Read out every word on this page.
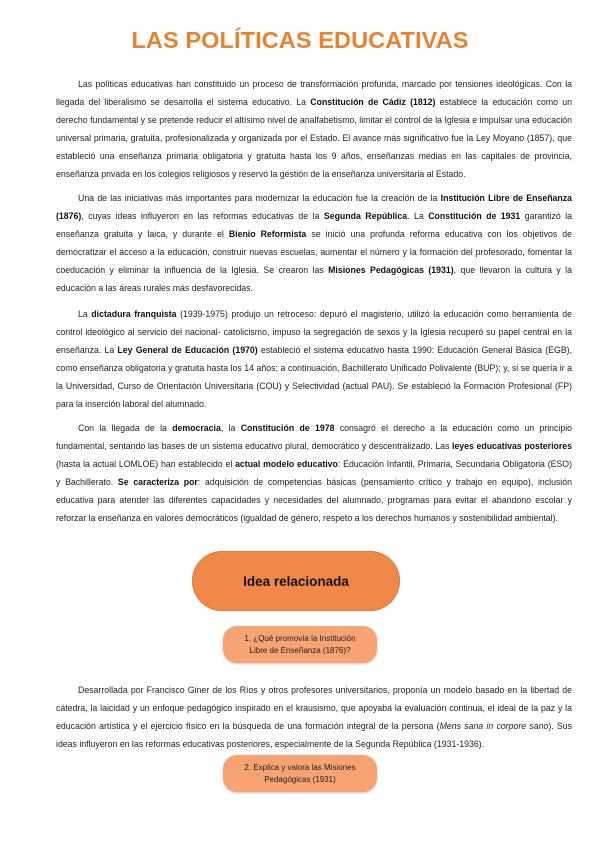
LAS POLÍTICAS EDUCATIVAS

Las políticas educativas han constituido un proceso de transformación profunda, marcado por tensiones ideológicas. Con la llegada del liberalismo se desarrolla el sistema educativo. La Constitución de Cádiz (1812) establece la educación como un derecho fundamental y se pretende reducir el altísimo nivel de analfabetismo, limitar el control de la Iglesia e impulsar una educación universal primaria, gratuita, profesionalizada y organizada por el Estado. El avance más significativo fue la Ley Moyano (1857), que estableció una enseñanza primaria obligatoria y gratuita hasta los 9 años, enseñanzas medias en las capitales de provincia, enseñanza privada en los colegios religiosos y reservó la gestión de la enseñanza universitaria al Estado.

Una de las iniciativas más importantes para modernizar la educación fue la creación de la Institución Libre de Enseñanza (1876), cuyas ideas influyeron en las reformas educativas de la Segunda República. La Constitución de 1931 garantizó la enseñanza gratuita y laica, y durante el Bienio Reformista se inició una profunda reforma educativa con los objetivos de democratizar el acceso a la educación, construir nuevas escuelas, aumentar el número y la formación del profesorado, fomentar la coeducación y eliminar la influencia de la Iglesia. Se crearon las Misiones Pedagógicas (1931), que llevaron la cultura y la educación a las áreas rurales más desfavorecidas.

La dictadura franquista (1939-1975) produjo un retroceso: depuró el magisterio, utilizó la educación como herramienta de control ideológico al servicio del nacional- catolicismo, impuso la segregación de sexos y la Iglesia recuperó su papel central en la enseñanza. La Ley General de Educación (1970) estableció el sistema educativo hasta 1990: Educación General Básica (EGB), como enseñanza obligatoria y gratuita hasta los 14 años; a continuación, Bachillerato Unificado Polivalente (BUP); y, si se quería ir a la Universidad, Curso de Orientación Universitaria (COU) y Selectividad (actual PAU). Se estableció la Formación Profesional (FP) para la inserción laboral del alumnado.

Con la llegada de la democracia, la Constitución de 1978 consagró el derecho a la educación como un principio fundamental, sentando las bases de un sistema educativo plural, democrático y descentralizado. Las leyes educativas posteriores (hasta la actual LOMLOE) han establecido el actual modelo educativo: Educación Infantil, Primaria, Secundaria Obligatoria (ESO) y Bachillerato. Se caracteriza por: adquisición de competencias básicas (pensamiento crítico y trabajo en equipo), inclusión educativa para atender las diferentes capacidades y necesidades del alumnado, programas para evitar el abandono escolar y reforzar la enseñanza en valores democráticos (igualdad de género, respeto a los derechos humanos y sostenibilidad ambiental).

Idea relacionada
1. ¿Qué promovía la Institución Libre de Enseñanza (1876)?

Desarrollada por Francisco Giner de los Ríos y otros profesores universitarios, proponía un modelo basado en la libertad de cátedra, la laicidad y un enfoque pedagógico inspirado en el krausismo, que apoyaba la evaluación continua, el ideal de la paz y la educación artística y el ejercicio físico en la búsqueda de una formación integral de la persona (Mens sana in corpore sano). Sus ideas influyeron en las reformas educativas posteriores, especialmente de la Segunda República (1931-1936).

2. Explica y valora las Misiones Pedagógicas (1931)
